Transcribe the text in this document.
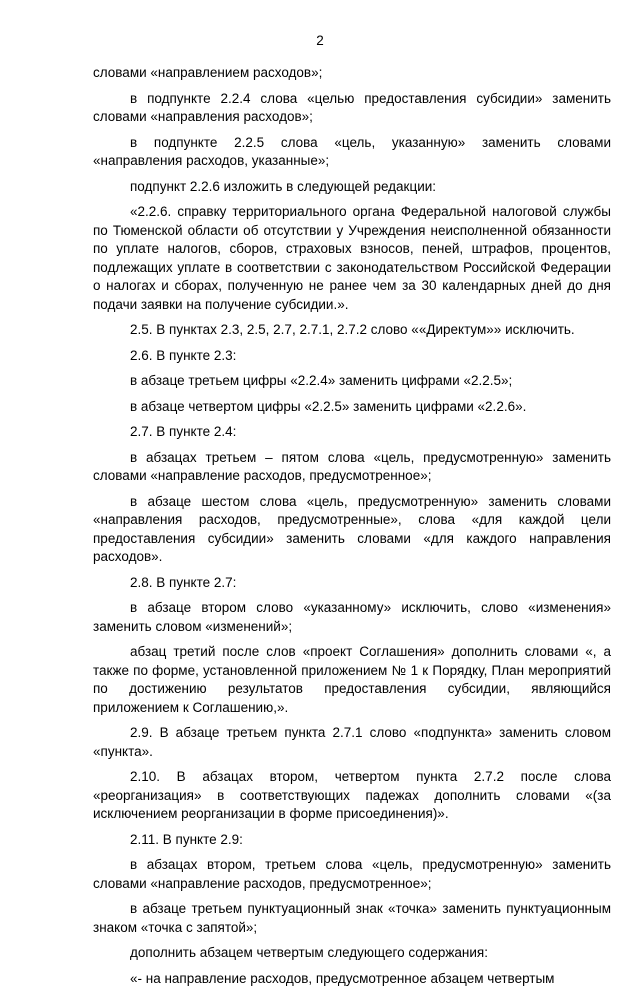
2

словами «направлением расходов»;

в подпункте 2.2.4 слова «целью предоставления субсидии» заменить словами «направления расходов»;

в подпункте 2.2.5 слова «цель, указанную» заменить словами «направления расходов, указанные»;

подпункт 2.2.6 изложить в следующей редакции:

«2.2.6. справку территориального органа Федеральной налоговой службы по Тюменской области об отсутствии у Учреждения неисполненной обязанности по уплате налогов, сборов, страховых взносов, пеней, штрафов, процентов, подлежащих уплате в соответствии с законодательством Российской Федерации о налогах и сборах, полученную не ранее чем за 30 календарных дней до дня подачи заявки на получение субсидии.».

2.5. В пунктах 2.3, 2.5, 2.7, 2.7.1, 2.7.2 слово ««Директум»» исключить.

2.6. В пункте 2.3:

в абзаце третьем цифры «2.2.4» заменить цифрами «2.2.5»;

в абзаце четвертом цифры «2.2.5» заменить цифрами «2.2.6».

2.7. В пункте 2.4:

в абзацах третьем – пятом слова «цель, предусмотренную» заменить словами «направление расходов, предусмотренное»;

в абзаце шестом слова «цель, предусмотренную» заменить словами «направления расходов, предусмотренные», слова «для каждой цели предоставления субсидии» заменить словами «для каждого направления расходов».

2.8. В пункте 2.7:

в абзаце втором слово «указанному» исключить, слово «изменения» заменить словом «изменений»;

абзац третий после слов «проект Соглашения» дополнить словами «, а также по форме, установленной приложением № 1 к Порядку, План мероприятий по достижению результатов предоставления субсидии, являющийся приложением к Соглашению,».

2.9. В абзаце третьем пункта 2.7.1 слово «подпункта» заменить словом «пункта».

2.10. В абзацах втором, четвертом пункта 2.7.2 после слова «реорганизация» в соответствующих падежах дополнить словами «(за исключением реорганизации в форме присоединения)».

2.11. В пункте 2.9:

в абзацах втором, третьем слова «цель, предусмотренную» заменить словами «направление расходов, предусмотренное»;

в абзаце третьем пунктуационный знак «точка» заменить пунктуационным знаком «точка с запятой»;

дополнить абзацем четвертым следующего содержания:

«- на направление расходов, предусмотренное абзацем четвертым
